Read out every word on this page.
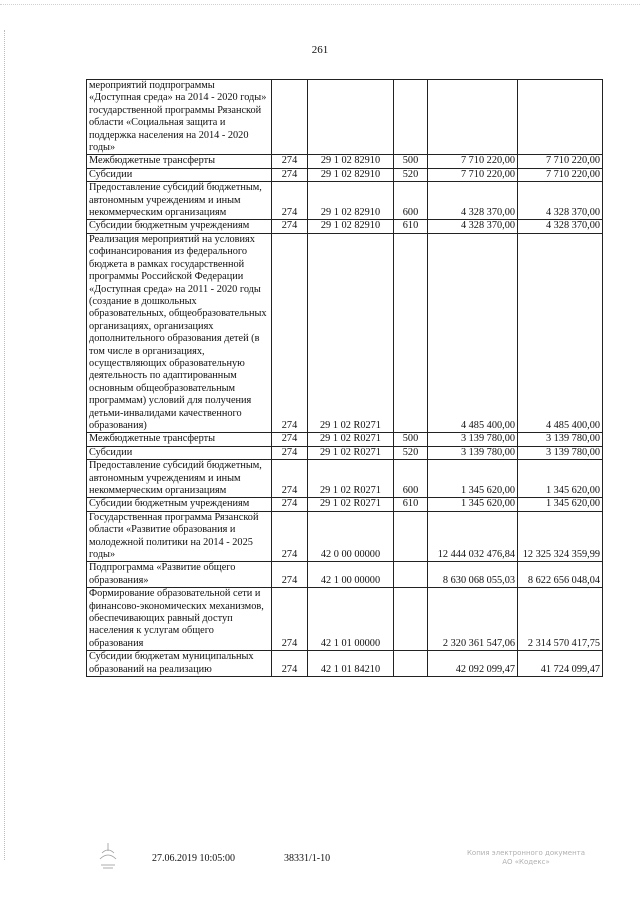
261
мероприятий подпрограммы «Доступная среда» на 2014 - 2020 годы» государственной программы Рязанской области «Социальная защита и поддержка населения на 2014 - 2020 годы»					
Межбюджетные трансферты	274	29 1 02 82910	500	7 710 220,00	7 710 220,00
Субсидии	274	29 1 02 82910	520	7 710 220,00	7 710 220,00
Предоставление субсидий бюджетным, автономным учреждениям и иным некоммерческим организациям	274	29 1 02 82910	600	4 328 370,00	4 328 370,00
Субсидии бюджетным учреждениям	274	29 1 02 82910	610	4 328 370,00	4 328 370,00
Реализация мероприятий на условиях софинансирования из федерального бюджета в рамках государственной программы Российской Федерации «Доступная среда» на 2011 - 2020 годы (создание в дошкольных образовательных, общеобразовательных организациях, организациях дополнительного образования детей (в том числе в организациях, осуществляющих образовательную деятельность по адаптированным основным общеобразовательным программам) условий для получения детьми-инвалидами качественного образования)	274	29 1 02 R0271		4 485 400,00	4 485 400,00
Межбюджетные трансферты	274	29 1 02 R0271	500	3 139 780,00	3 139 780,00
Субсидии	274	29 1 02 R0271	520	3 139 780,00	3 139 780,00
Предоставление субсидий бюджетным, автономным учреждениям и иным некоммерческим организациям	274	29 1 02 R0271	600	1 345 620,00	1 345 620,00
Субсидии бюджетным учреждениям	274	29 1 02 R0271	610	1 345 620,00	1 345 620,00
Государственная программа Рязанской области «Развитие образования и молодежной политики на 2014 - 2025 годы»	274	42 0 00 00000		12 444 032 476,84	12 325 324 359,99
Подпрограмма «Развитие общего образования»	274	42 1 00 00000		8 630 068 055,03	8 622 656 048,04
Формирование образовательной сети и финансово-экономических механизмов, обеспечивающих равный доступ населения к услугам общего образования	274	42 1 01 00000		2 320 361 547,06	2 314 570 417,75
Субсидии бюджетам муниципальных образований на реализацию	274	42 1 01 84210		42 092 099,47	41 724 099,47
27.06.2019 10:05:00	38331/1-10	Копия электронного документа
АО «Кодекс»
